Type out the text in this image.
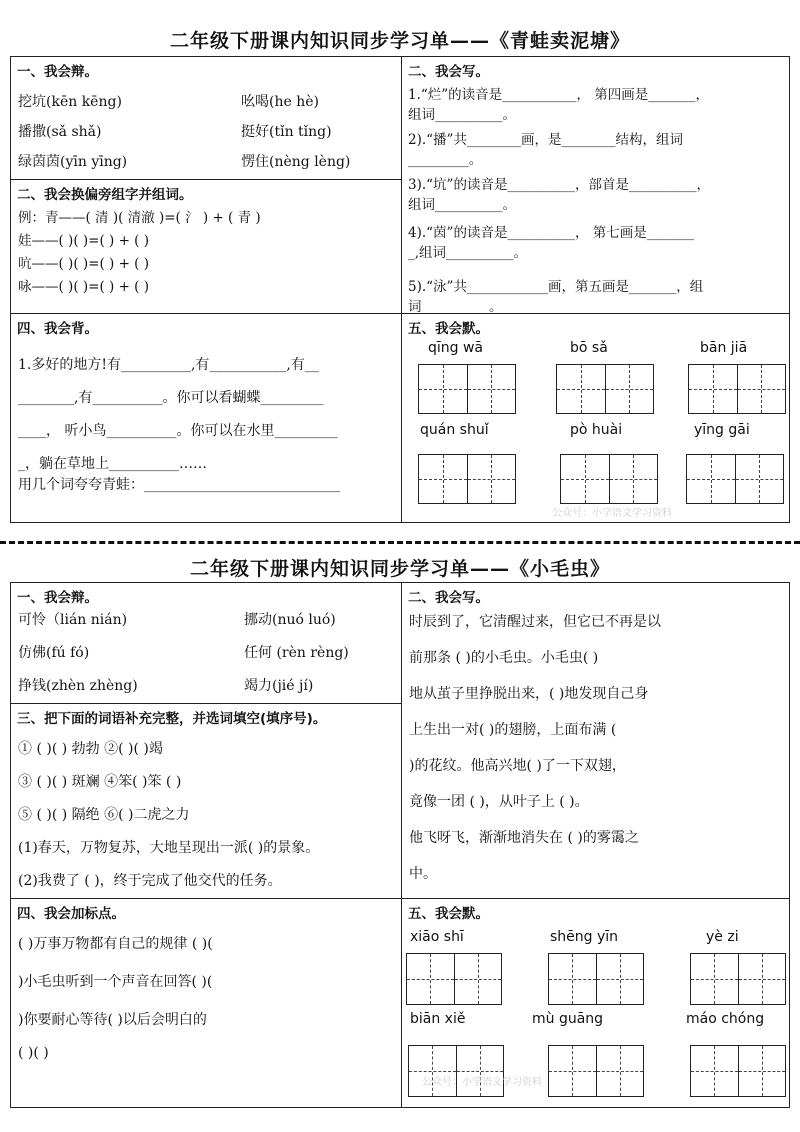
二年级下册课内知识同步学习单——《青蛙卖泥塘》
一、我会辩。
挖坑(kēn kēng)	吆喝(he hè)
播撒(sǎ shǎ)	挺好(tǐn tǐng)
绿茵茵(yīn yīng)	愣住(nèng lèng)
二、我会换偏旁组字并组词。
例：青——( 清 )( 清澈 )=( 氵 ) + ( 青 )
娃——( )( )=( ) + ( )
吭——( )( )=( ) + ( )
咏——( )( )=( ) + ( )
二、我会写。
1.“烂”的读音是___________， 第四画是_______，
组词__________。
2).“播”共________画，是________结构，组词
_________。
3).“坑”的读音是__________，部首是__________，
组词__________。
4).“茵”的读音是__________， 第七画是_______
_,组词__________。
5).“泳”共____________画，第五画是_______，组
词__________。
四、我会背。
1.多好的地方!有__________,有___________,有__
________,有__________。你可以看蝴蝶_________
____， 听小鸟__________。你可以在水里_________
_，躺在草地上__________……
用几个词夸夸青蛙：____________________________
五、我会默。
qīng wā	bō sǎ	bān jiā
quán shuǐ	pò huài	yīng gāi
公众号：小学语文学习资料
二年级下册课内知识同步学习单——《小毛虫》
一、我会辩。
可怜（lián nián)	挪动(nuó luó)
仿佛(fú fó)	任何 (rèn rèng)
挣钱(zhèn zhèng)	竭力(jié jí)
三、把下面的词语补充完整，并选词填空(填序号)。
① ( )( ) 勃勃 ②( )( )竭
③ ( )( ) 斑斓 ④笨( )笨 ( )
⑤ ( )( ) 隔绝 ⑥( )二虎之力
(1)春天，万物复苏，大地呈现出一派( )的景象。
(2)我费了 ( )，终于完成了他交代的任务。
二、我会写。
时辰到了，它清醒过来，但它已不再是以
前那条 ( )的小毛虫。小毛虫( )
地从茧子里挣脱出来，( )地发现自己身
上生出一对( )的翅膀，上面布满 (
)的花纹。他高兴地( )了一下双翅，
竟像一团 ( )，从叶子上 ( )。
他飞呀飞，渐渐地消失在 ( )的雾霭之
中。
四、我会加标点。
( )万事万物都有自己的规律 ( )(
)小毛虫听到一个声音在回答( )(
)你要耐心等待( )以后会明白的
( )( )
五、我会默。
xiāo shī	shēng yīn	yè zi
biān xiě	mù guāng	máo chóng
公众号：小学语文学习资料
